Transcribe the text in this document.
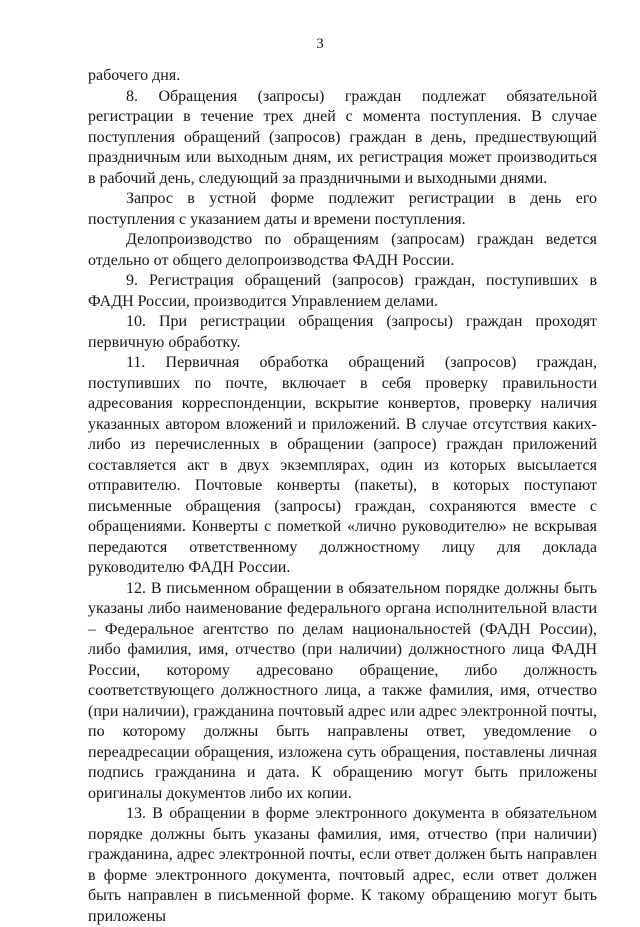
3

рабочего дня.

8. Обращения (запросы) граждан подлежат обязательной регистрации в течение трех дней с момента поступления. В случае поступления обращений (запросов) граждан в день, предшествующий праздничным или выходным дням, их регистрация может производиться в рабочий день, следующий за праздничными и выходными днями.

Запрос в устной форме подлежит регистрации в день его поступления с указанием даты и времени поступления.

Делопроизводство по обращениям (запросам) граждан ведется отдельно от общего делопроизводства ФАДН России.

9. Регистрация обращений (запросов) граждан, поступивших в ФАДН России, производится Управлением делами.

10. При регистрации обращения (запросы) граждан проходят первичную обработку.

11. Первичная обработка обращений (запросов) граждан, поступивших по почте, включает в себя проверку правильности адресования корреспонденции, вскрытие конвертов, проверку наличия указанных автором вложений и приложений. В случае отсутствия каких-либо из перечисленных в обращении (запросе) граждан приложений составляется акт в двух экземплярах, один из которых высылается отправителю. Почтовые конверты (пакеты), в которых поступают письменные обращения (запросы) граждан, сохраняются вместе с обращениями. Конверты с пометкой «лично руководителю» не вскрывая передаются ответственному должностному лицу для доклада руководителю ФАДН России.

12. В письменном обращении в обязательном порядке должны быть указаны либо наименование федерального органа исполнительной власти – Федеральное агентство по делам национальностей (ФАДН России), либо фамилия, имя, отчество (при наличии) должностного лица ФАДН России, которому адресовано обращение, либо должность соответствующего должностного лица, а также фамилия, имя, отчество (при наличии), гражданина почтовый адрес или адрес электронной почты, по которому должны быть направлены ответ, уведомление о переадресации обращения, изложена суть обращения, поставлены личная подпись гражданина и дата. К обращению могут быть приложены оригиналы документов либо их копии.

13. В обращении в форме электронного документа в обязательном порядке должны быть указаны фамилия, имя, отчество (при наличии) гражданина, адрес электронной почты, если ответ должен быть направлен в форме электронного документа, почтовый адрес, если ответ должен быть направлен в письменной форме. К такому обращению могут быть приложены
